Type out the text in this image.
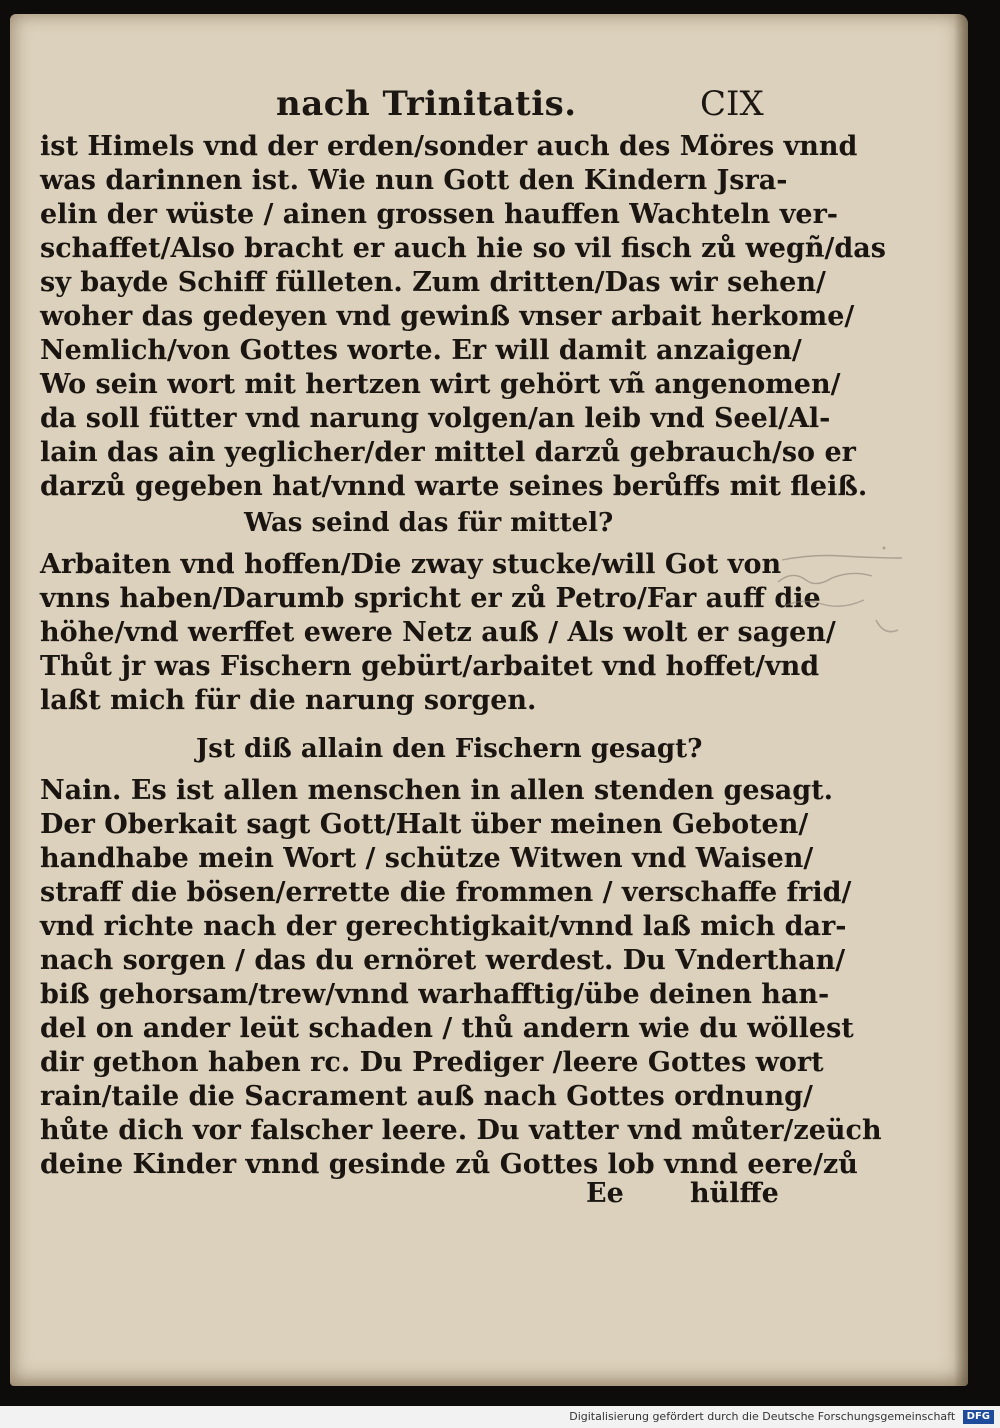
nach Trinitatis.	CIX
ist Himels vnd der erden/sonder auch des Möres vnnd
was darinnen ist. Wie nun Gott den Kindern Jsra-
elin der wüste / ainen grossen hauffen Wachteln ver-
schaffet/Also bracht er auch hie so vil fisch zů wegñ/das
sy bayde Schiff fülleten. Zum dritten/Das wir sehen/
woher das gedeyen vnd gewinß vnser arbait herkome/
Nemlich/von Gottes worte. Er will damit anzaigen/
Wo sein wort mit hertzen wirt gehört vñ angenomen/
da soll fütter vnd narung volgen/an leib vnd Seel/Al-
lain das ain yeglicher/der mittel darzů gebrauch/so er
darzů gegeben hat/vnnd warte seines berůffs mit fleiß.
Was seind das für mittel?
Arbaiten vnd hoffen/Die zway stucke/will Got von
vnns haben/Darumb spricht er zů Petro/Far auff die
höhe/vnd werffet ewere Netz auß / Als wolt er sagen/
Thůt jr was Fischern gebürt/arbaitet vnd hoffet/vnd
laßt mich für die narung sorgen.
Jst diß allain den Fischern gesagt?
Nain. Es ist allen menschen in allen stenden gesagt.
Der Oberkait sagt Gott/Halt über meinen Geboten/
handhabe mein Wort / schütze Witwen vnd Waisen/
straff die bösen/errette die frommen / verschaffe frid/
vnd richte nach der gerechtigkait/vnnd laß mich dar-
nach sorgen / das du ernöret werdest. Du Vnderthan/
biß gehorsam/trew/vnnd warhafftig/übe deinen han-
del on ander leüt schaden / thů andern wie du wöllest
dir gethon haben rc. Du Prediger /leere Gottes wort
rain/taile die Sacrament auß nach Gottes ordnung/
hůte dich vor falscher leere. Du vatter vnd můter/zeüch
deine Kinder vnnd gesinde zů Gottes lob vnnd eere/zů
Ee hülffe
Digitalisierung gefördert durch die Deutsche Forschungsgemeinschaft DFG
